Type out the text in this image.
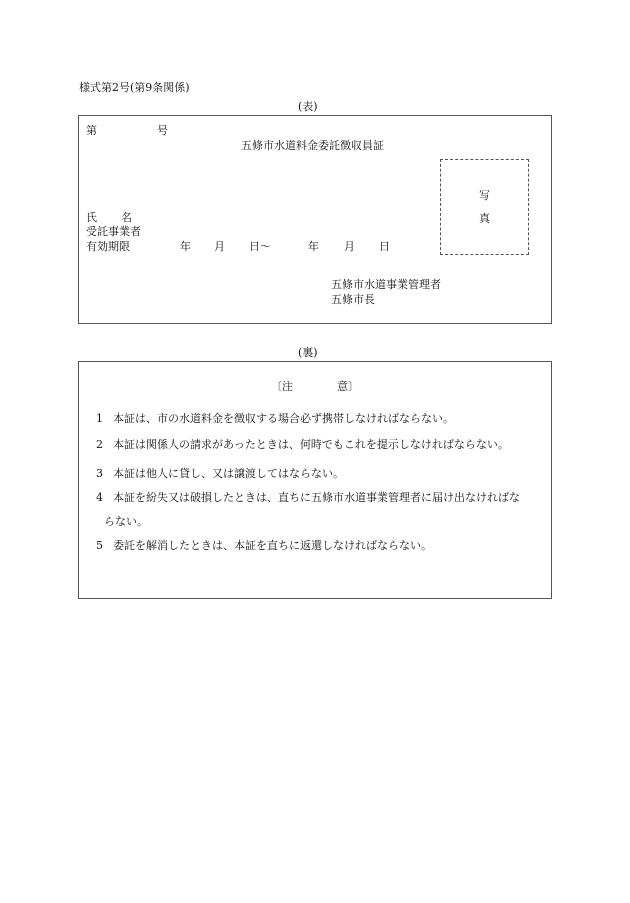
様式第2号(第9条関係)
(表)
第	号
五條市水道料金委託徴収員証
写
真
氏 名
受託事業者
有効期限	年 月 日〜	年 月 日
五條市水道事業管理者
五條市長
(裏)
〔注	意〕
1 本証は、市の水道料金を徴収する場合必ず携帯しなければならない。
2 本証は関係人の請求があったときは、何時でもこれを提示しなければならない。
3 本証は他人に貸し、又は譲渡してはならない。
4 本証を紛失又は破損したときは、直ちに五條市水道事業管理者に届け出なければな
らない。
5 委託を解消したときは、本証を直ちに返還しなければならない。
